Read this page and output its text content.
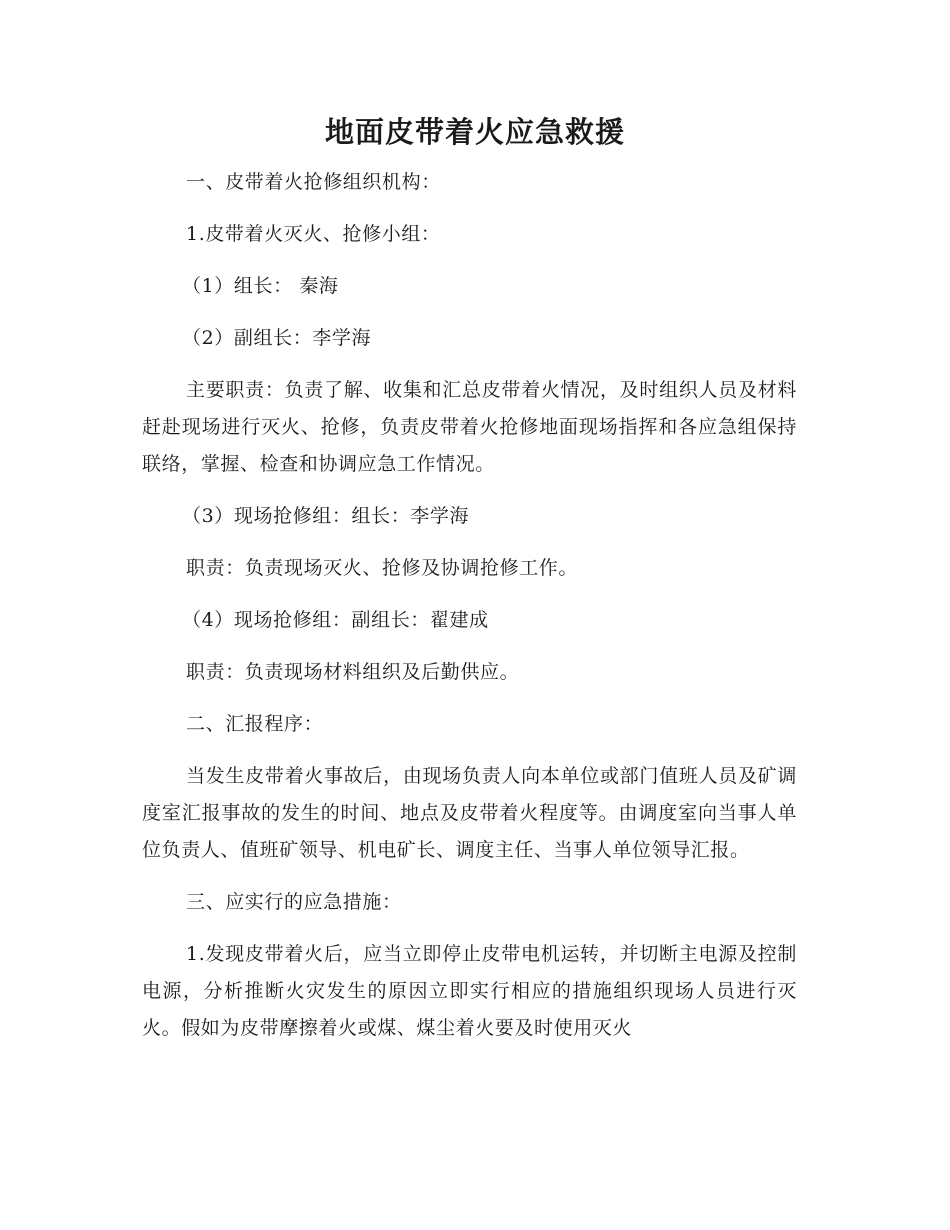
地面皮带着火应急救援

一、皮带着火抢修组织机构：

1.皮带着火灭火、抢修小组：

（1）组长： 秦海

（2）副组长：李学海

主要职责：负责了解、收集和汇总皮带着火情况，及时组织人员及材料赶赴现场进行灭火、抢修，负责皮带着火抢修地面现场指挥和各应急组保持联络，掌握、检查和协调应急工作情况。

（3）现场抢修组：组长：李学海

职责：负责现场灭火、抢修及协调抢修工作。

（4）现场抢修组：副组长：翟建成

职责：负责现场材料组织及后勤供应。

二、汇报程序：

当发生皮带着火事故后，由现场负责人向本单位或部门值班人员及矿调度室汇报事故的发生的时间、地点及皮带着火程度等。由调度室向当事人单位负责人、值班矿领导、机电矿长、调度主任、当事人单位领导汇报。

三、应实行的应急措施：

1.发现皮带着火后，应当立即停止皮带电机运转，并切断主电源及控制电源，分析推断火灾发生的原因立即实行相应的措施组织现场人员进行灭火。假如为皮带摩擦着火或煤、煤尘着火要及时使用灭火
